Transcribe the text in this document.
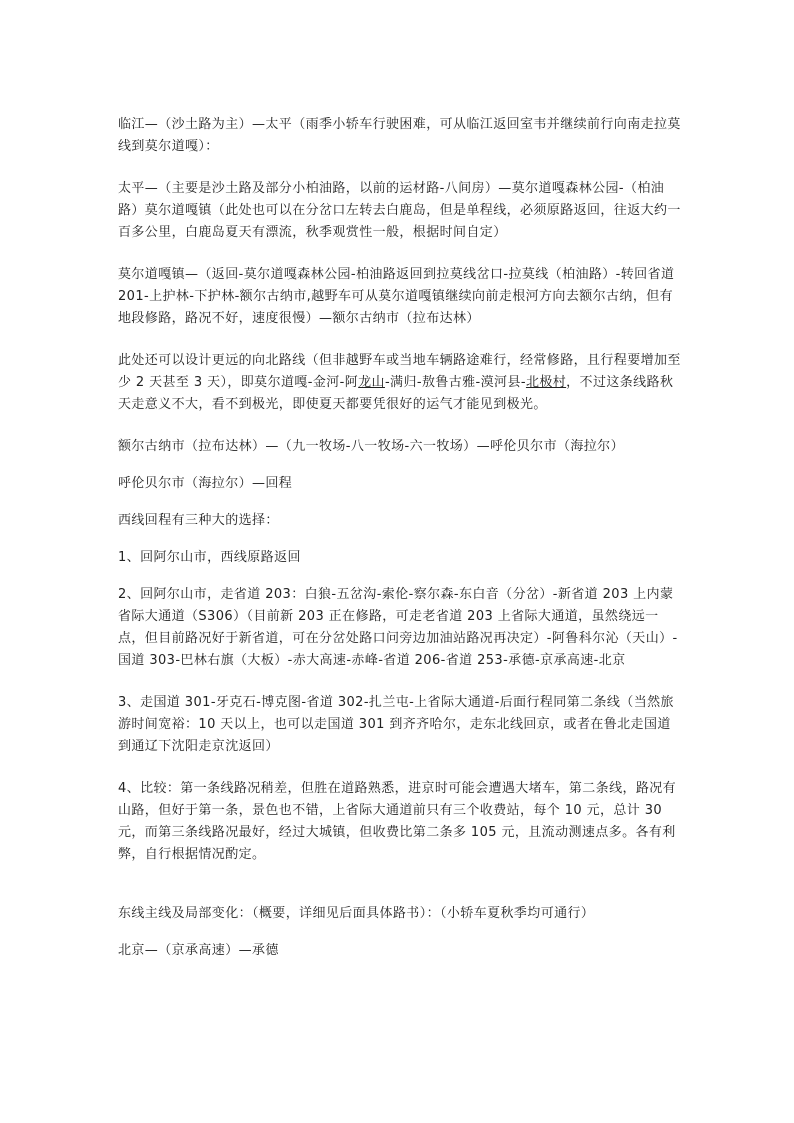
临江—（沙土路为主）—太平（雨季小轿车行驶困难，可从临江返回室韦并继续前行向南走拉莫线到莫尔道嘎）：

太平—（主要是沙土路及部分小柏油路，以前的运材路-八间房）—莫尔道嘎森林公园-（柏油路）莫尔道嘎镇（此处也可以在分岔口左转去白鹿岛，但是单程线，必须原路返回，往返大约一百多公里，白鹿岛夏天有漂流，秋季观赏性一般，根据时间自定）

莫尔道嘎镇—（返回-莫尔道嘎森林公园-柏油路返回到拉莫线岔口-拉莫线（柏油路）-转回省道 201-上护林-下护林-额尔古纳市,越野车可从莫尔道嘎镇继续向前走根河方向去额尔古纳，但有地段修路，路况不好，速度很慢）—额尔古纳市（拉布达林）

此处还可以设计更远的向北路线（但非越野车或当地车辆路途难行，经常修路，且行程要增加至少 2 天甚至 3 天），即莫尔道嘎-金河-阿龙山-满归-敖鲁古雅-漠河县-北极村，不过这条线路秋天走意义不大，看不到极光，即使夏天都要凭很好的运气才能见到极光。

额尔古纳市（拉布达林）—（九一牧场-八一牧场-六一牧场）—呼伦贝尔市（海拉尔）

呼伦贝尔市（海拉尔）—回程

西线回程有三种大的选择：

1、回阿尔山市，西线原路返回

2、回阿尔山市，走省道 203：白狼-五岔沟-索伦-察尔森-东白音（分岔）-新省道 203 上内蒙省际大通道（S306）（目前新 203 正在修路，可走老省道 203 上省际大通道，虽然绕远一点，但目前路况好于新省道，可在分岔处路口问旁边加油站路况再决定）-阿鲁科尔沁（天山）-国道 303-巴林右旗（大板）-赤大高速-赤峰-省道 206-省道 253-承德-京承高速-北京

3、走国道 301-牙克石-博克图-省道 302-扎兰屯-上省际大通道-后面行程同第二条线（当然旅游时间宽裕：10 天以上，也可以走国道 301 到齐齐哈尔，走东北线回京，或者在鲁北走国道到通辽下沈阳走京沈返回）

4、比较：第一条线路况稍差，但胜在道路熟悉，进京时可能会遭遇大堵车，第二条线，路况有山路，但好于第一条，景色也不错，上省际大通道前只有三个收费站，每个 10 元，总计 30 元，而第三条线路况最好，经过大城镇，但收费比第二条多 105 元，且流动测速点多。各有利弊，自行根据情况酌定。

东线主线及局部变化：（概要，详细见后面具体路书）：（小轿车夏秋季均可通行）

北京—（京承高速）—承德
